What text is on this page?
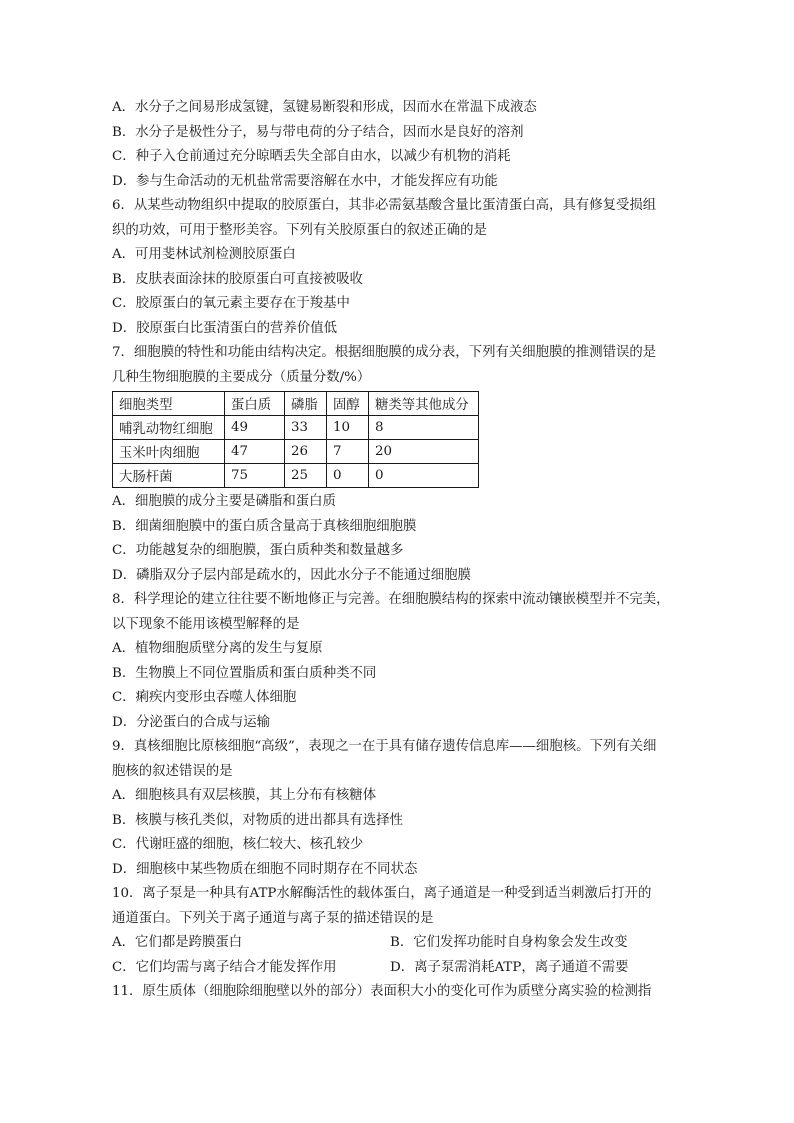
A．水分子之间易形成氢键，氢键易断裂和形成，因而水在常温下成液态
B．水分子是极性分子，易与带电荷的分子结合，因而水是良好的溶剂
C．种子入仓前通过充分晾晒丢失全部自由水，以减少有机物的消耗
D．参与生命活动的无机盐常需要溶解在水中，才能发挥应有功能
6．从某些动物组织中提取的胶原蛋白，其非必需氨基酸含量比蛋清蛋白高，具有修复受损组
织的功效，可用于整形美容。下列有关胶原蛋白的叙述正确的是
A．可用斐林试剂检测胶原蛋白
B．皮肤表面涂抹的胶原蛋白可直接被吸收
C．胶原蛋白的氧元素主要存在于羧基中
D．胶原蛋白比蛋清蛋白的营养价值低
7．细胞膜的特性和功能由结构决定。根据细胞膜的成分表，下列有关细胞膜的推测错误的是
几种生物细胞膜的主要成分（质量分数/%）
细胞类型	蛋白质	磷脂	固醇	糖类等其他成分
哺乳动物红细胞	49	33	10	8
玉米叶肉细胞	47	26	7	20
大肠杆菌	75	25	0	0
A．细胞膜的成分主要是磷脂和蛋白质
B．细菌细胞膜中的蛋白质含量高于真核细胞细胞膜
C．功能越复杂的细胞膜，蛋白质种类和数量越多
D．磷脂双分子层内部是疏水的，因此水分子不能通过细胞膜
8．科学理论的建立往往要不断地修正与完善。在细胞膜结构的探索中流动镶嵌模型并不完美，
以下现象不能用该模型解释的是
A．植物细胞质壁分离的发生与复原
B．生物膜上不同位置脂质和蛋白质种类不同
C．痢疾内变形虫吞噬人体细胞
D．分泌蛋白的合成与运输
9．真核细胞比原核细胞“高级”，表现之一在于具有储存遗传信息库——细胞核。下列有关细
胞核的叙述错误的是
A．细胞核具有双层核膜，其上分布有核糖体
B．核膜与核孔类似，对物质的进出都具有选择性
C．代谢旺盛的细胞，核仁较大、核孔较少
D．细胞核中某些物质在细胞不同时期存在不同状态
10．离子泵是一种具有ATP水解酶活性的载体蛋白，离子通道是一种受到适当刺激后打开的
通道蛋白。下列关于离子通道与离子泵的描述错误的是
A．它们都是跨膜蛋白	B．它们发挥功能时自身构象会发生改变
C．它们均需与离子结合才能发挥作用	D．离子泵需消耗ATP，离子通道不需要
11．原生质体（细胞除细胞壁以外的部分）表面积大小的变化可作为质壁分离实验的检测指
